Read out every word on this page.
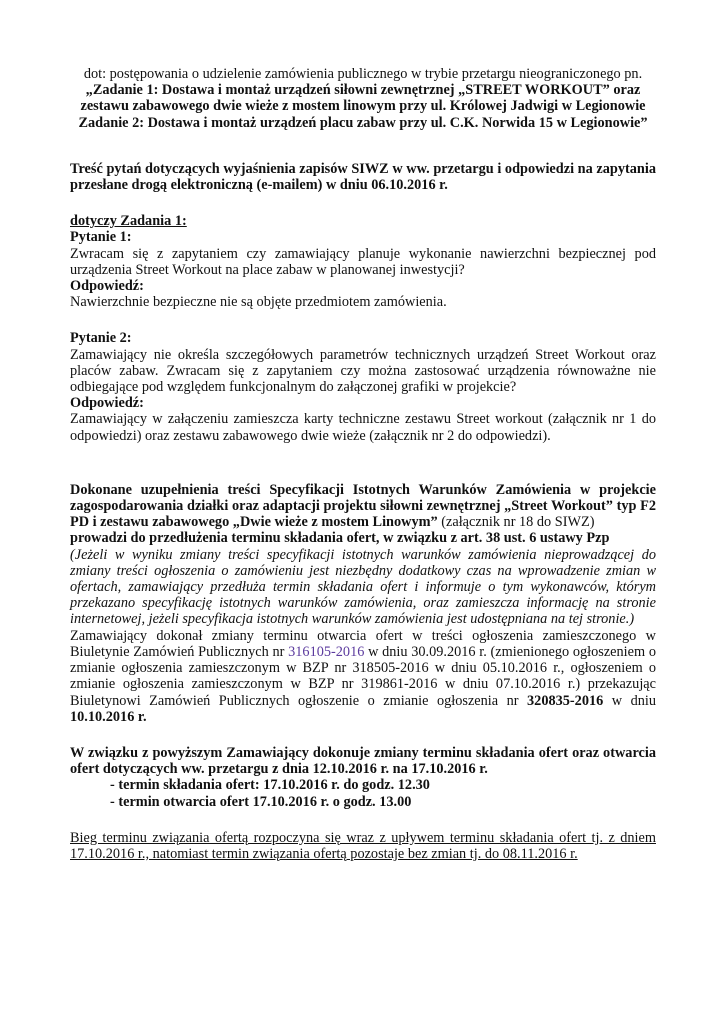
dot: postępowania o udzielenie zamówienia publicznego w trybie przetargu nieograniczonego pn.

„Zadanie 1: Dostawa i montaż urządzeń siłowni zewnętrznej „STREET WORKOUT” oraz zestawu zabawowego dwie wieże z mostem linowym przy ul. Królowej Jadwigi w Legionowie

Zadanie 2: Dostawa i montaż urządzeń placu zabaw przy ul. C.K. Norwida 15 w Legionowie”

Treść pytań dotyczących wyjaśnienia zapisów SIWZ w ww. przetargu i odpowiedzi na zapytania przesłane drogą elektroniczną (e-mailem) w dniu 06.10.2016 r.

dotyczy Zadania 1:

Pytanie 1:

Zwracam się z zapytaniem czy zamawiający planuje wykonanie nawierzchni bezpiecznej pod urządzenia Street Workout na place zabaw w planowanej inwestycji?

Odpowiedź:

Nawierzchnie bezpieczne nie są objęte przedmiotem zamówienia.

Pytanie 2:

Zamawiający nie określa szczegółowych parametrów technicznych urządzeń Street Workout oraz placów zabaw. Zwracam się z zapytaniem czy można zastosować urządzenia równoważne nie odbiegające pod względem funkcjonalnym do załączonej grafiki w projekcie?

Odpowiedź:

Zamawiający w załączeniu zamieszcza karty techniczne zestawu Street workout (załącznik nr 1 do odpowiedzi) oraz zestawu zabawowego dwie wieże (załącznik nr 2 do odpowiedzi).

Dokonane uzupełnienia treści Specyfikacji Istotnych Warunków Zamówienia w projekcie zagospodarowania działki oraz adaptacji projektu siłowni zewnętrznej „Street Workout” typ F2 PD i zestawu zabawowego „Dwie wieże z mostem Linowym” (załącznik nr 18 do SIWZ)

prowadzi do przedłużenia terminu składania ofert, w związku z art. 38 ust. 6 ustawy Pzp

(Jeżeli w wyniku zmiany treści specyfikacji istotnych warunków zamówienia nieprowadzącej do zmiany treści ogłoszenia o zamówieniu jest niezbędny dodatkowy czas na wprowadzenie zmian w ofertach, zamawiający przedłuża termin składania ofert i informuje o tym wykonawców, którym przekazano specyfikację istotnych warunków zamówienia, oraz zamieszcza informację na stronie internetowej, jeżeli specyfikacja istotnych warunków zamówienia jest udostępniana na tej stronie.)

Zamawiający dokonał zmiany terminu otwarcia ofert w treści ogłoszenia zamieszczonego w Biuletynie Zamówień Publicznych nr 316105-2016 w dniu 30.09.2016 r. (zmienionego ogłoszeniem o zmianie ogłoszenia zamieszczonym w BZP nr 318505-2016 w dniu 05.10.2016 r., ogłoszeniem o zmianie ogłoszenia zamieszczonym w BZP nr 319861-2016 w dniu 07.10.2016 r.) przekazując Biuletynowi Zamówień Publicznych ogłoszenie o zmianie ogłoszenia nr 320835-2016 w dniu 10.10.2016 r.

W związku z powyższym Zamawiający dokonuje zmiany terminu składania ofert oraz otwarcia ofert dotyczących ww. przetargu z dnia 12.10.2016 r. na 17.10.2016 r.

- termin składania ofert: 17.10.2016 r. do godz. 12.30

- termin otwarcia ofert 17.10.2016 r. o godz. 13.00

Bieg terminu związania ofertą rozpoczyna się wraz z upływem terminu składania ofert tj. z dniem 17.10.2016 r., natomiast termin związania ofertą pozostaje bez zmian tj. do 08.11.2016 r.
